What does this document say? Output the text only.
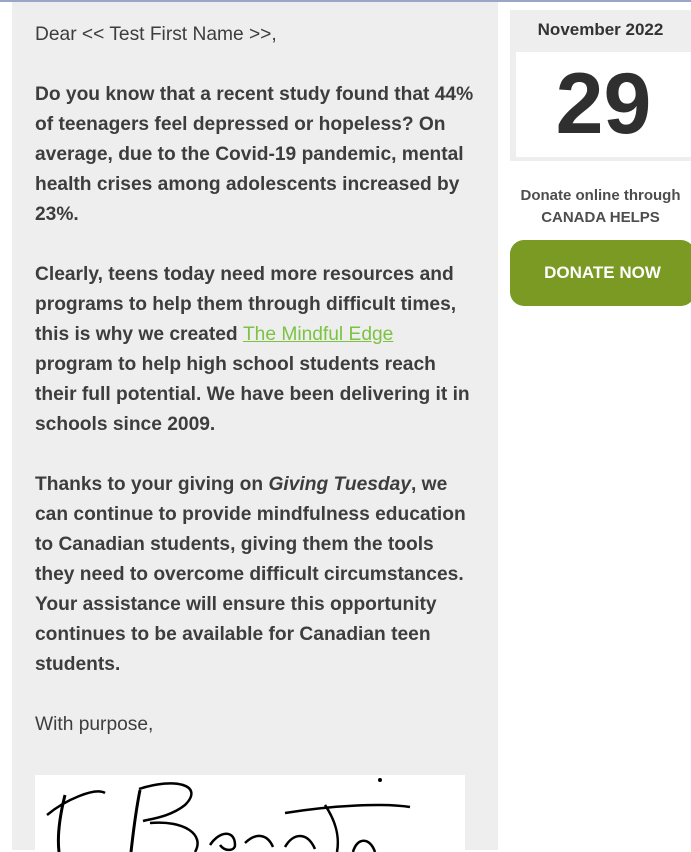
Dear << Test First Name >>,
Do you know that a recent study found that 44% of teenagers feel depressed or hopeless? On average, due to the Covid-19 pandemic, mental health crises among adolescents increased by 23%.
Clearly, teens today need more resources and programs to help them through difficult times, this is why we created The Mindful Edge program to help high school students reach their full potential. We have been delivering it in schools since 2009.
Thanks to your giving on Giving Tuesday, we can continue to provide mindfulness education to Canadian students, giving them the tools they need to overcome difficult circumstances. Your assistance will ensure this opportunity continues to be available for Canadian teen students.
With purpose,
November 2022
29
Donate online through
CANADA HELPS
DONATE NOW
